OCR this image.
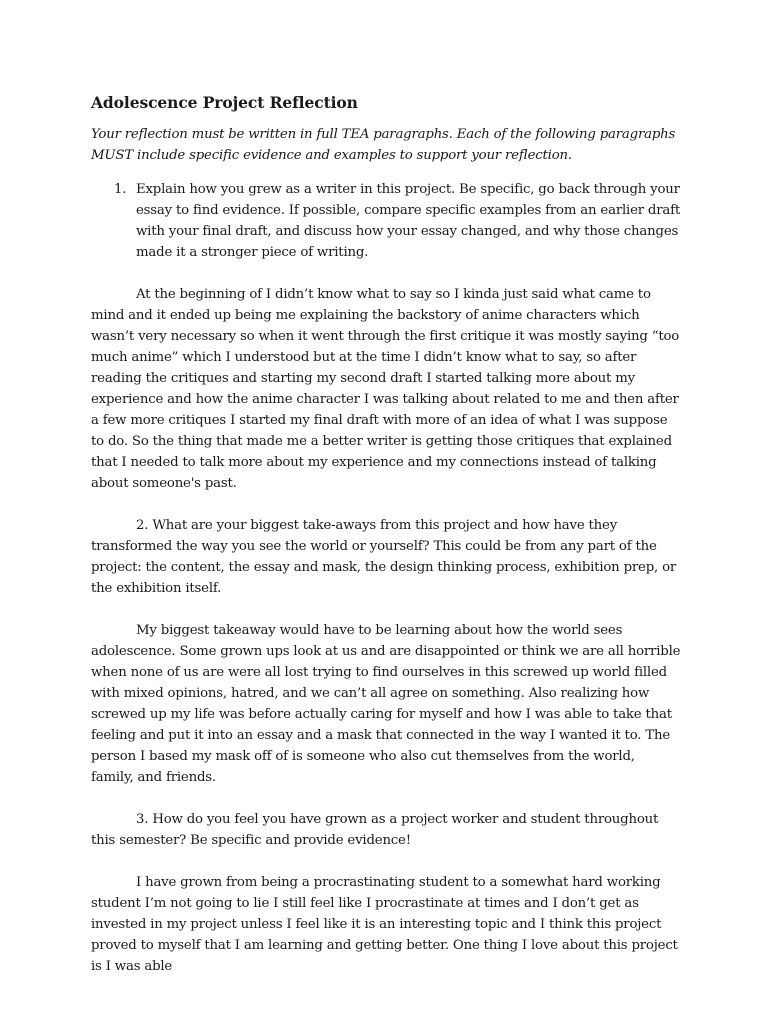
Adolescence Project Reflection

Your reflection must be written in full TEA paragraphs. Each of the following paragraphs MUST include specific evidence and examples to support your reflection.

1. Explain how you grew as a writer in this project. Be specific, go back through your essay to find evidence. If possible, compare specific examples from an earlier draft with your final draft, and discuss how your essay changed, and why those changes made it a stronger piece of writing.

At the beginning of I didn’t know what to say so I kinda just said what came to mind and it ended up being me explaining the backstory of anime characters which wasn’t very necessary so when it went through the first critique it was mostly saying “too much anime” which I understood but at the time I didn’t know what to say, so after reading the critiques and starting my second draft I started talking more about my experience and how the anime character I was talking about related to me and then after a few more critiques I started my final draft with more of an idea of what I was suppose to do. So the thing that made me a better writer is getting those critiques that explained that I needed to talk more about my experience and my connections instead of talking about someone's past.

2. What are your biggest take-aways from this project and how have they transformed the way you see the world or yourself? This could be from any part of the project: the content, the essay and mask, the design thinking process, exhibition prep, or the exhibition itself.

My biggest takeaway would have to be learning about how the world sees adolescence. Some grown ups look at us and are disappointed or think we are all horrible when none of us are were all lost trying to find ourselves in this screwed up world filled with mixed opinions, hatred, and we can’t all agree on something. Also realizing how screwed up my life was before actually caring for myself and how I was able to take that feeling and put it into an essay and a mask that connected in the way I wanted it to. The person I based my mask off of is someone who also cut themselves from the world, family, and friends.

3. How do you feel you have grown as a project worker and student throughout this semester? Be specific and provide evidence!

I have grown from being a procrastinating student to a somewhat hard working student I’m not going to lie I still feel like I procrastinate at times and I don’t get as invested in my project unless I feel like it is an interesting topic and I think this project proved to myself that I am learning and getting better. One thing I love about this project is I was able
